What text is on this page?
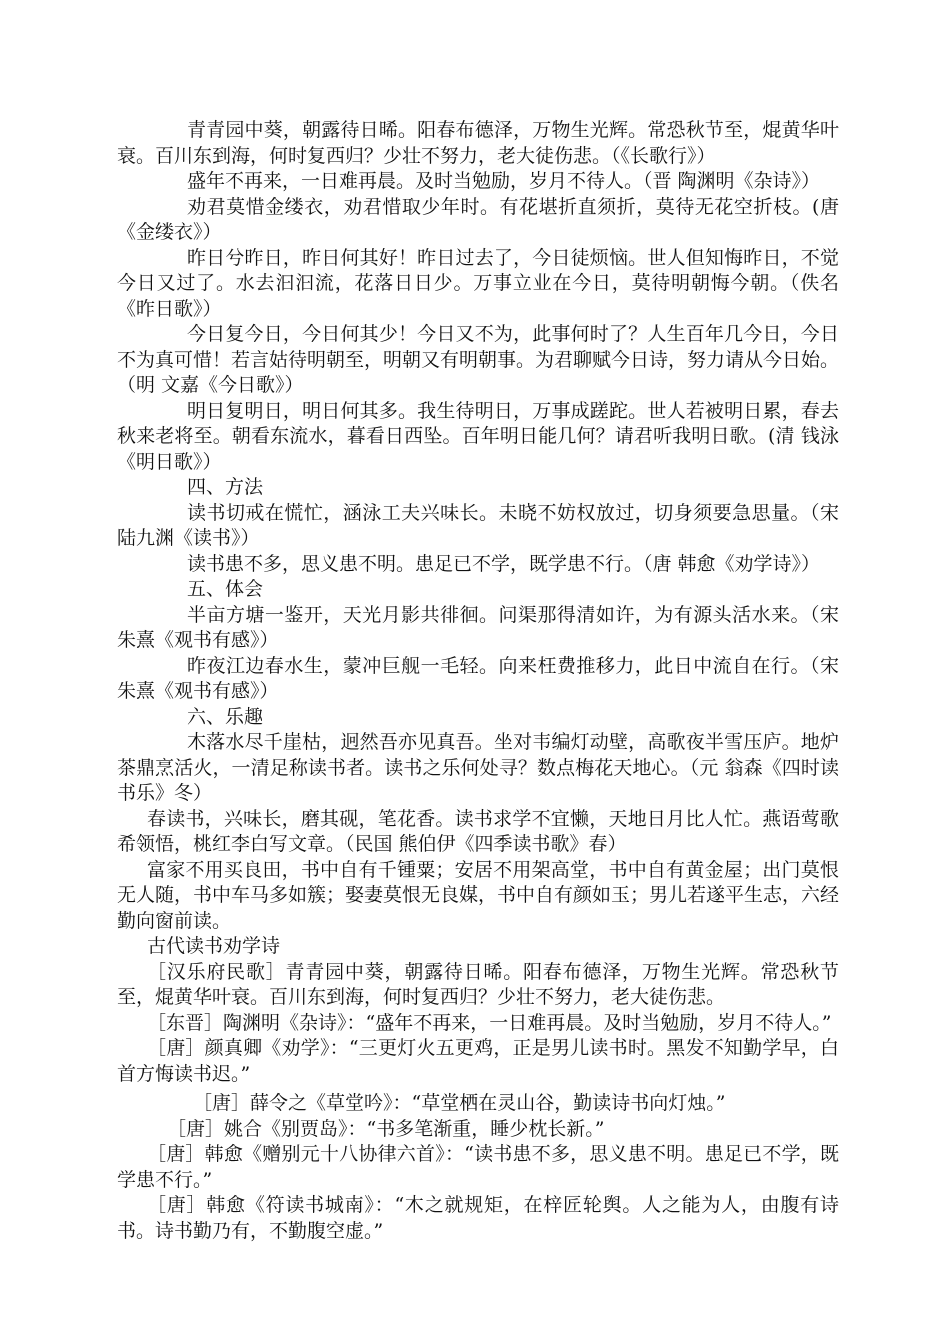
青青园中葵，朝露待日晞。阳春布德泽，万物生光辉。常恐秋节至，焜黄华叶衰。百川东到海，何时复西归？少壮不努力，老大徒伤悲。（《长歌行》）

盛年不再来，一日难再晨。及时当勉励，岁月不待人。（晋 陶渊明《杂诗》）

劝君莫惜金缕衣，劝君惜取少年时。有花堪折直须折，莫待无花空折枝。(唐《金缕衣》）

昨日兮昨日，昨日何其好！昨日过去了，今日徒烦恼。世人但知悔昨日，不觉今日又过了。水去汩汩流，花落日日少。万事立业在今日，莫待明朝悔今朝。（佚名《昨日歌》）

今日复今日，今日何其少！今日又不为，此事何时了？人生百年几今日，今日不为真可惜！若言姑待明朝至，明朝又有明朝事。为君聊赋今日诗，努力请从今日始。（明 文嘉《今日歌》）

明日复明日，明日何其多。我生待明日，万事成蹉跎。世人若被明日累，春去秋来老将至。朝看东流水，暮看日西坠。百年明日能几何？请君听我明日歌。(清 钱泳《明日歌》）

四、方法

读书切戒在慌忙，涵泳工夫兴味长。未晓不妨权放过，切身须要急思量。（宋 陆九渊《读书》）

读书患不多，思义患不明。患足已不学，既学患不行。（唐 韩愈《劝学诗》）

五、体会

半亩方塘一鉴开，天光月影共徘徊。问渠那得清如许，为有源头活水来。（宋 朱熹《观书有感》）

昨夜江边春水生，蒙冲巨舰一毛轻。向来枉费推移力，此日中流自在行。（宋 朱熹《观书有感》）

六、乐趣

木落水尽千崖枯，迥然吾亦见真吾。坐对韦编灯动壁，高歌夜半雪压庐。地炉茶鼎烹活火，一清足称读书者。读书之乐何处寻？数点梅花天地心。（元 翁森《四时读书乐》冬）

春读书，兴味长，磨其砚，笔花香。读书求学不宜懒，天地日月比人忙。燕语莺歌希领悟，桃红李白写文章。（民国 熊伯伊《四季读书歌》春）

富家不用买良田，书中自有千锺粟；安居不用架高堂，书中自有黄金屋；出门莫恨无人随，书中车马多如簇；娶妻莫恨无良媒，书中自有颜如玉；男儿若遂平生志，六经勤向窗前读。

古代读书劝学诗

［汉乐府民歌］青青园中葵，朝露待日晞。阳春布德泽，万物生光辉。常恐秋节至，焜黄华叶衰。百川东到海，何时复西归？少壮不努力，老大徒伤悲。

［东晋］陶渊明《杂诗》：“盛年不再来，一日难再晨。及时当勉励，岁月不待人。”

［唐］颜真卿《劝学》：“三更灯火五更鸡，正是男儿读书时。黑发不知勤学早，白首方悔读书迟。”

［唐］薛令之《草堂吟》：“草堂栖在灵山谷，勤读诗书向灯烛。”

［唐］姚合《别贾岛》：“书多笔渐重，睡少枕长新。”

［唐］韩愈《赠别元十八协律六首》：“读书患不多，思义患不明。患足已不学，既学患不行。”

［唐］韩愈《符读书城南》：“木之就规矩，在梓匠轮舆。人之能为人，由腹有诗书。诗书勤乃有，不勤腹空虚。”
